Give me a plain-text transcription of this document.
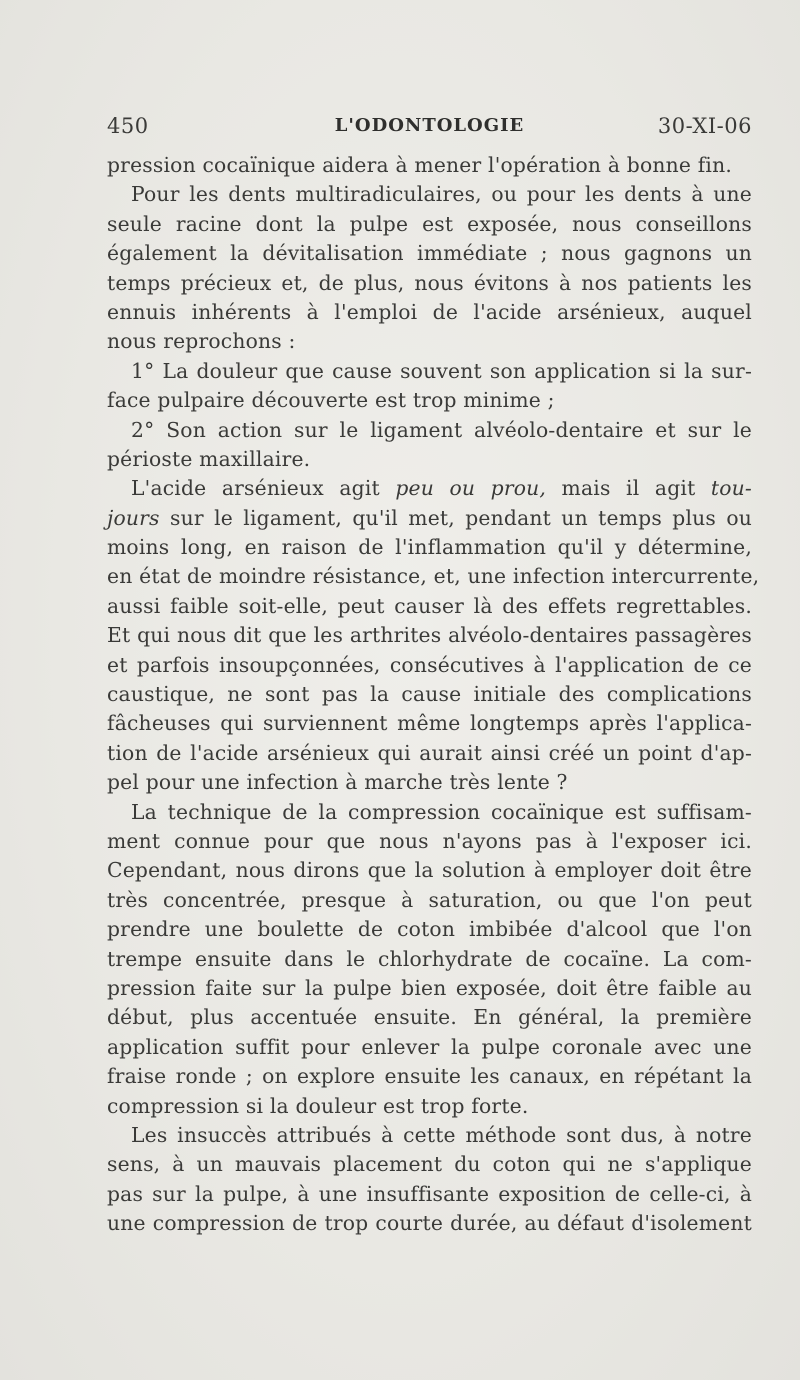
450	L'ODONTOLOGIE	30-XI-06
pression cocaïnique aidera à mener l'opération à bonne fin.
Pour les dents multiradiculaires, ou pour les dents à une
seule racine dont la pulpe est exposée, nous conseillons
également la dévitalisation immédiate ; nous gagnons un
temps précieux et, de plus, nous évitons à nos patients les
ennuis inhérents à l'emploi de l'acide arsénieux, auquel
nous reprochons :
1° La douleur que cause souvent son application si la sur-
face pulpaire découverte est trop minime ;
2° Son action sur le ligament alvéolo-dentaire et sur le
périoste maxillaire.
L'acide arsénieux agit peu ou prou, mais il agit tou-
jours sur le ligament, qu'il met, pendant un temps plus ou
moins long, en raison de l'inflammation qu'il y détermine,
en état de moindre résistance, et, une infection intercurrente,
aussi faible soit-elle, peut causer là des effets regrettables.
Et qui nous dit que les arthrites alvéolo-dentaires passagères
et parfois insoupçonnées, consécutives à l'application de ce
caustique, ne sont pas la cause initiale des complications
fâcheuses qui surviennent même longtemps après l'applica-
tion de l'acide arsénieux qui aurait ainsi créé un point d'ap-
pel pour une infection à marche très lente ?
La technique de la compression cocaïnique est suffisam-
ment connue pour que nous n'ayons pas à l'exposer ici.
Cependant, nous dirons que la solution à employer doit être
très concentrée, presque à saturation, ou que l'on peut
prendre une boulette de coton imbibée d'alcool que l'on
trempe ensuite dans le chlorhydrate de cocaïne. La com-
pression faite sur la pulpe bien exposée, doit être faible au
début, plus accentuée ensuite. En général, la première
application suffit pour enlever la pulpe coronale avec une
fraise ronde ; on explore ensuite les canaux, en répétant la
compression si la douleur est trop forte.
Les insuccès attribués à cette méthode sont dus, à notre
sens, à un mauvais placement du coton qui ne s'applique
pas sur la pulpe, à une insuffisante exposition de celle-ci, à
une compression de trop courte durée, au défaut d'isolement
